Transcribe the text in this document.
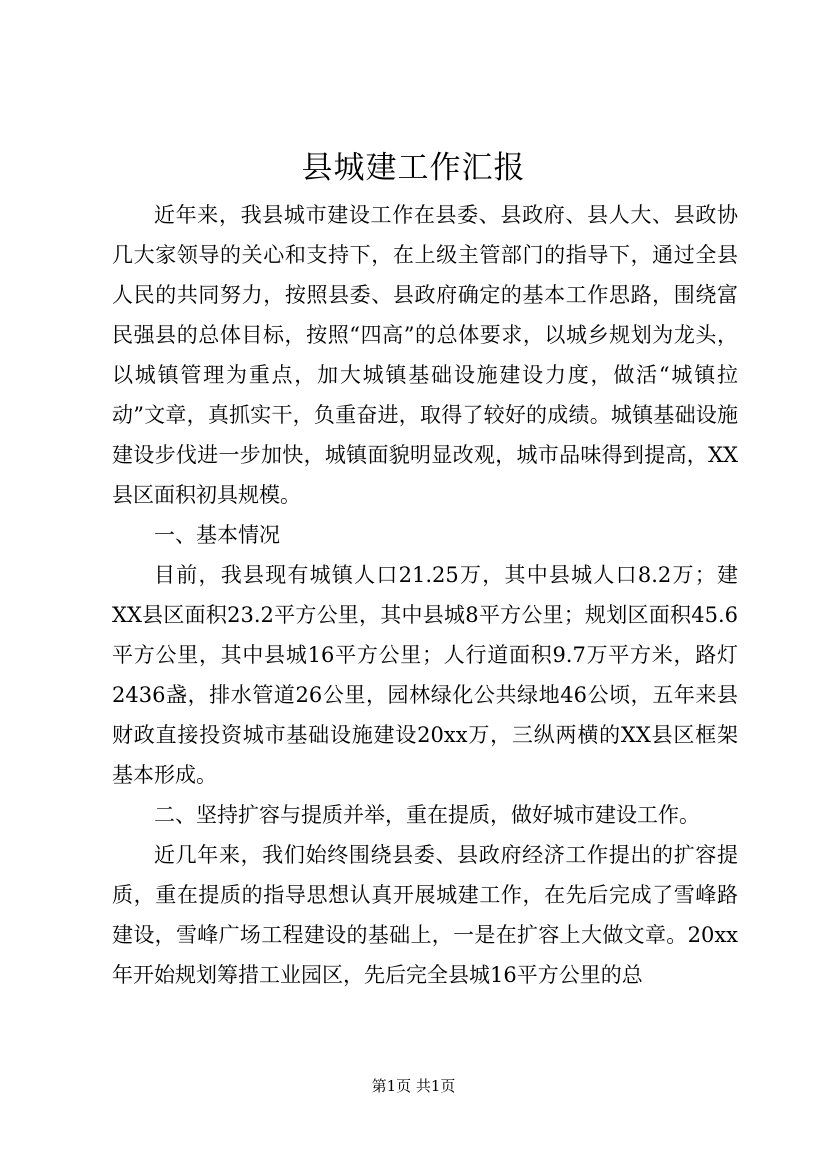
县城建工作汇报

近年来，我县城市建设工作在县委、县政府、县人大、县政协几大家领导的关心和支持下，在上级主管部门的指导下，通过全县人民的共同努力，按照县委、县政府确定的基本工作思路，围绕富民强县的总体目标，按照“四高”的总体要求，以城乡规划为龙头，以城镇管理为重点，加大城镇基础设施建设力度，做活“城镇拉动”文章，真抓实干，负重奋进，取得了较好的成绩。城镇基础设施建设步伐进一步加快，城镇面貌明显改观，城市品味得到提高，XX县区面积初具规模。

一、基本情况

目前，我县现有城镇人口21.25万，其中县城人口8.2万；建XX县区面积23.2平方公里，其中县城8平方公里；规划区面积45.6平方公里，其中县城16平方公里；人行道面积9.7万平方米，路灯2436盏，排水管道26公里，园林绿化公共绿地46公顷，五年来县财政直接投资城市基础设施建设20xx万，三纵两横的XX县区框架基本形成。

二、坚持扩容与提质并举，重在提质，做好城市建设工作。

近几年来，我们始终围绕县委、县政府经济工作提出的扩容提质，重在提质的指导思想认真开展城建工作，在先后完成了雪峰路建设，雪峰广场工程建设的基础上，一是在扩容上大做文章。20xx年开始规划筹措工业园区，先后完全县城16平方公里的总

第1页 共1页
